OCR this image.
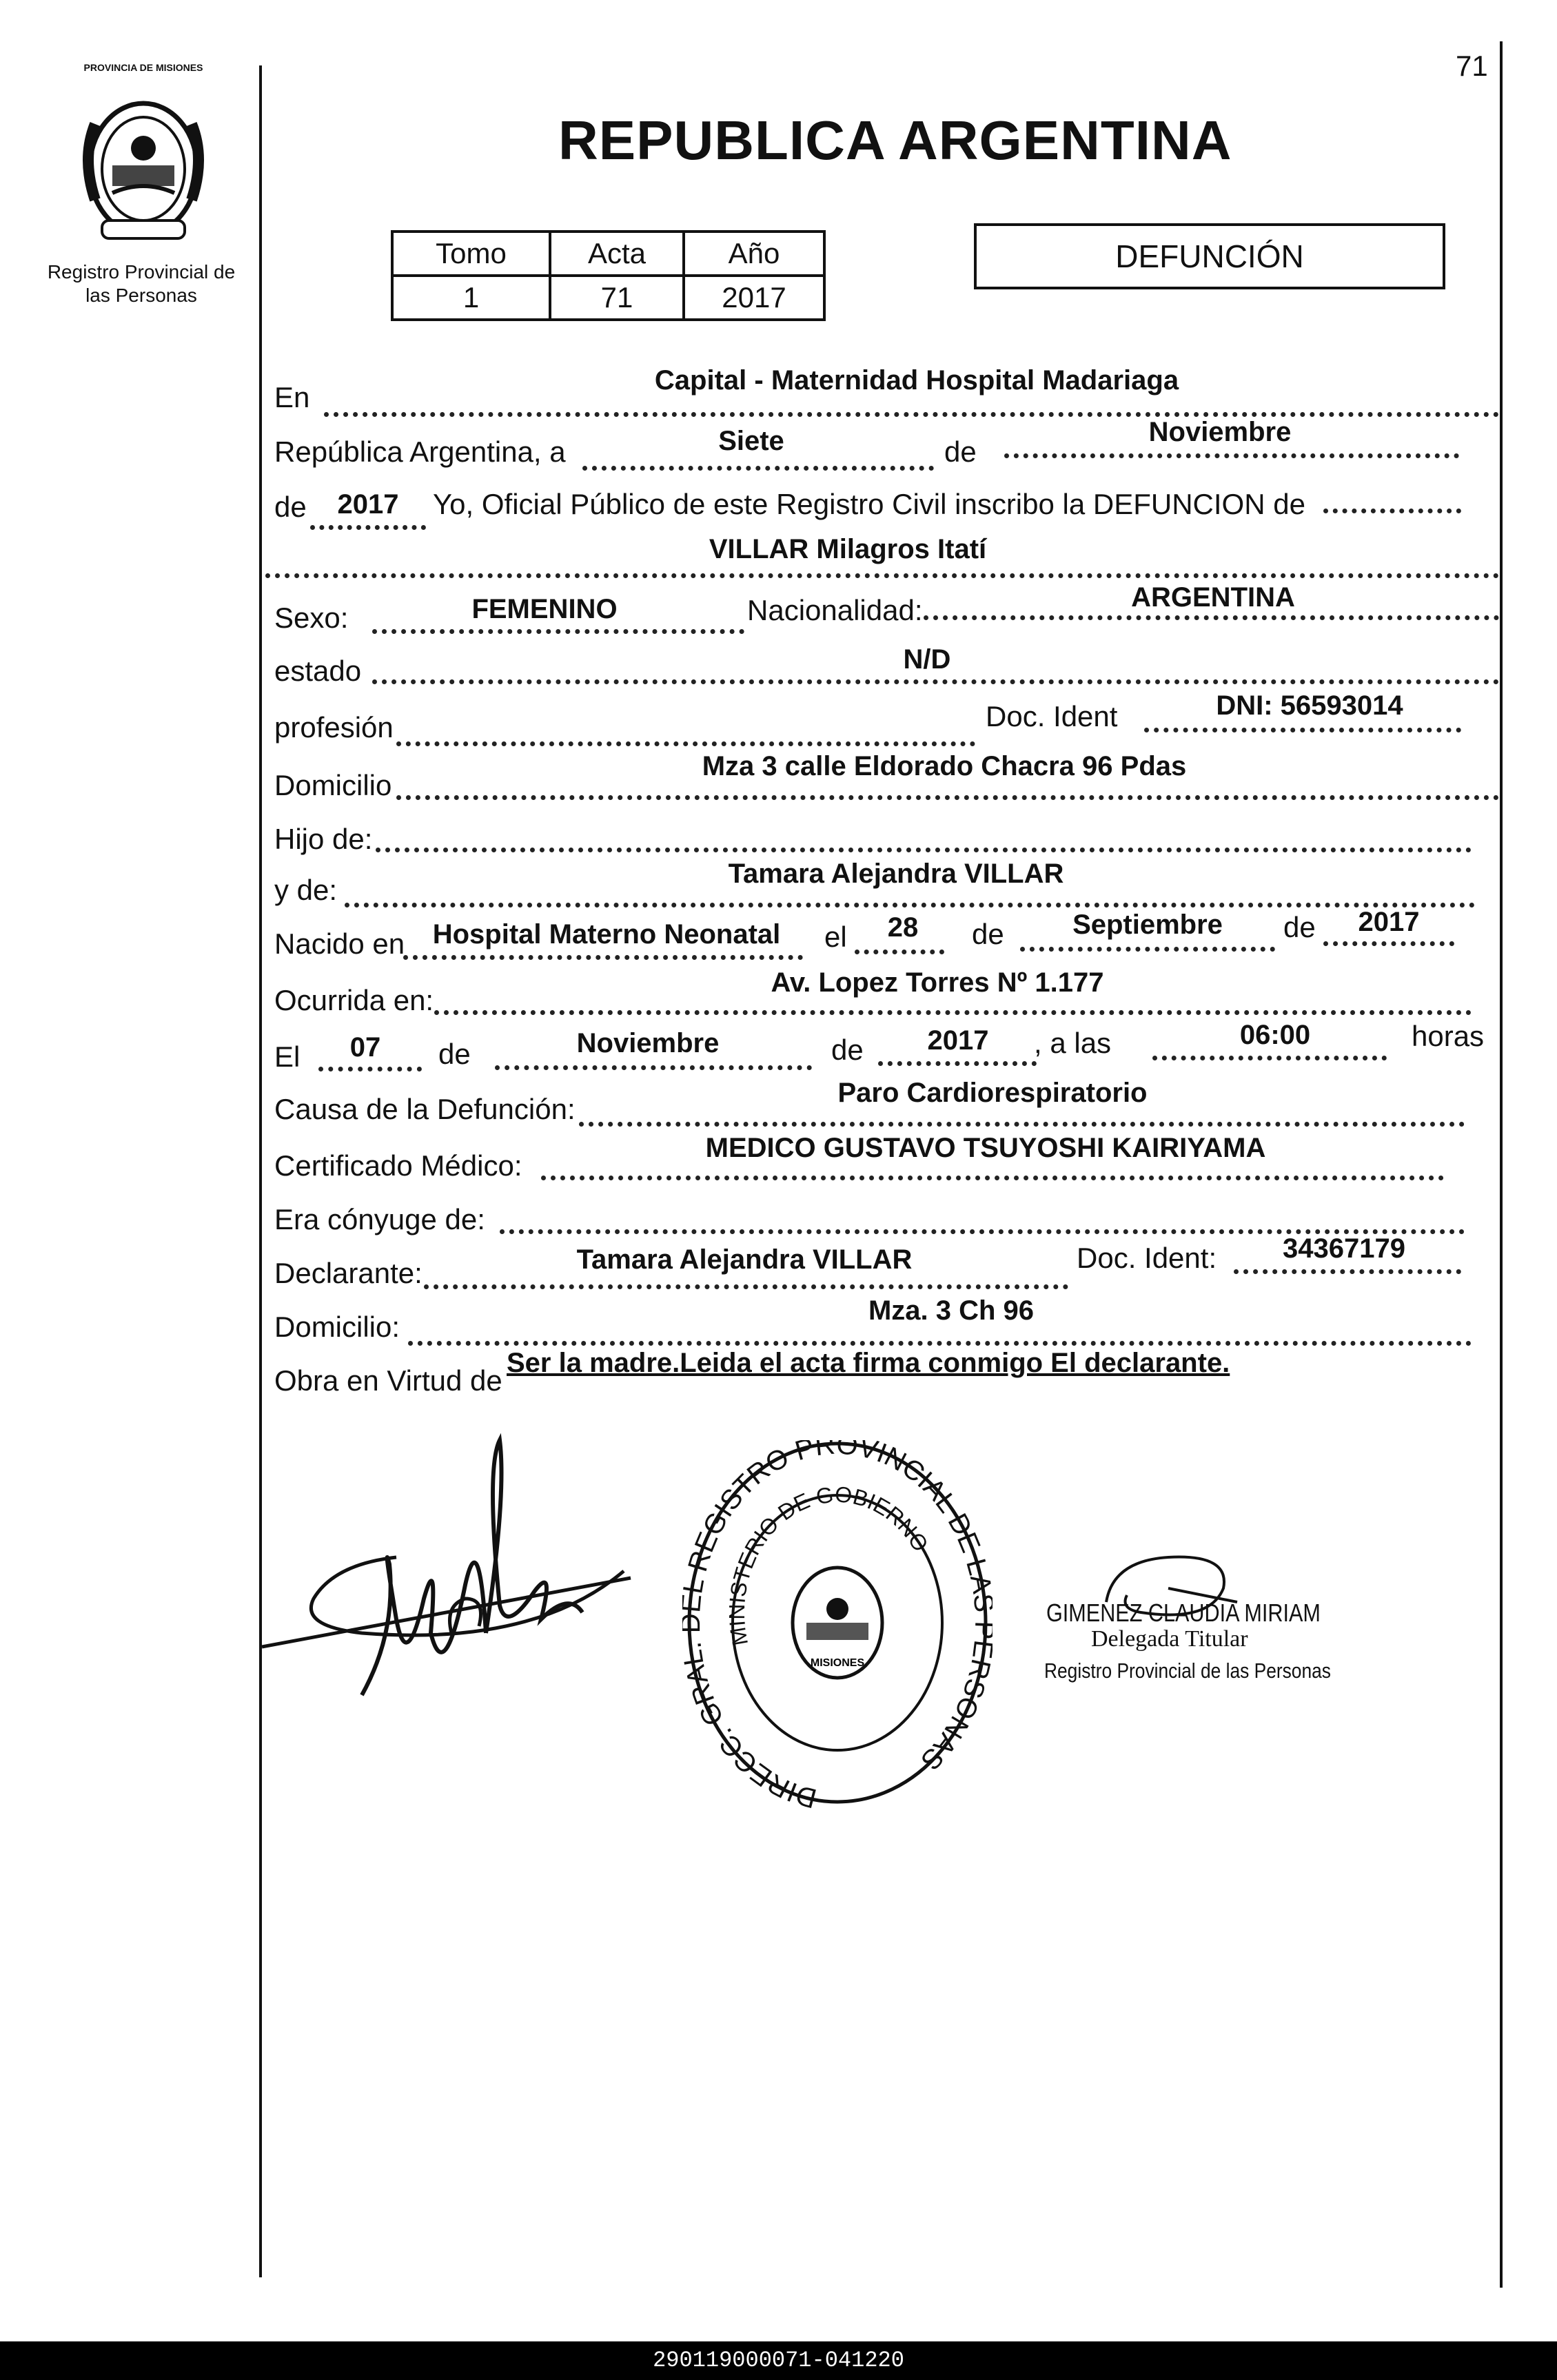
71
PROVINCIA DE MISIONES
Registro Provincial de
las Personas
REPUBLICA ARGENTINA
Tomo	Acta	Año
1	71	2017
DEFUNCIÓN
En
Capital - Maternidad Hospital Madariaga
República Argentina, a	Siete	de
Noviembre
de	2017	Yo, Oficial Público de este Registro Civil inscribo la DEFUNCION de
VILLAR Milagros Itatí
Sexo:	FEMENINO	Nacionalidad:	ARGENTINA
estado	N/D
profesión	Doc. Ident	DNI: 56593014
Domicilio
Mza 3 calle Eldorado Chacra 96 Pdas
Hijo de:
y de:	Tamara Alejandra VILLAR
Nacido en	Hospital Materno Neonatal	el	28	de	Septiembre	de	2017
Ocurrida en:
Av. Lopez Torres Nº 1.177
El	07	de	Noviembre	de	2017	, a las	06:00	horas
Causa de la Defunción:	Paro Cardiorespiratorio
Certificado Médico:
MEDICO GUSTAVO TSUYOSHI KAIRIYAMA
Era cónyuge de:
Declarante:	Tamara Alejandra VILLAR	Doc. Ident:	34367179
Domicilio:	Mza. 3 Ch 96
Obra en Virtud de
Ser la madre.Leida el acta firma conmigo El declarante.
DIRECC. GRA REGISTRO PROVINCIAL DE L SONAS
MINISTERIO DE GOBIERNO
MISIONES
GIMENEZ CLAUDIA MIRIAM
Delegada Titular
Registro Provincial de las Personas
290119000071-041220
